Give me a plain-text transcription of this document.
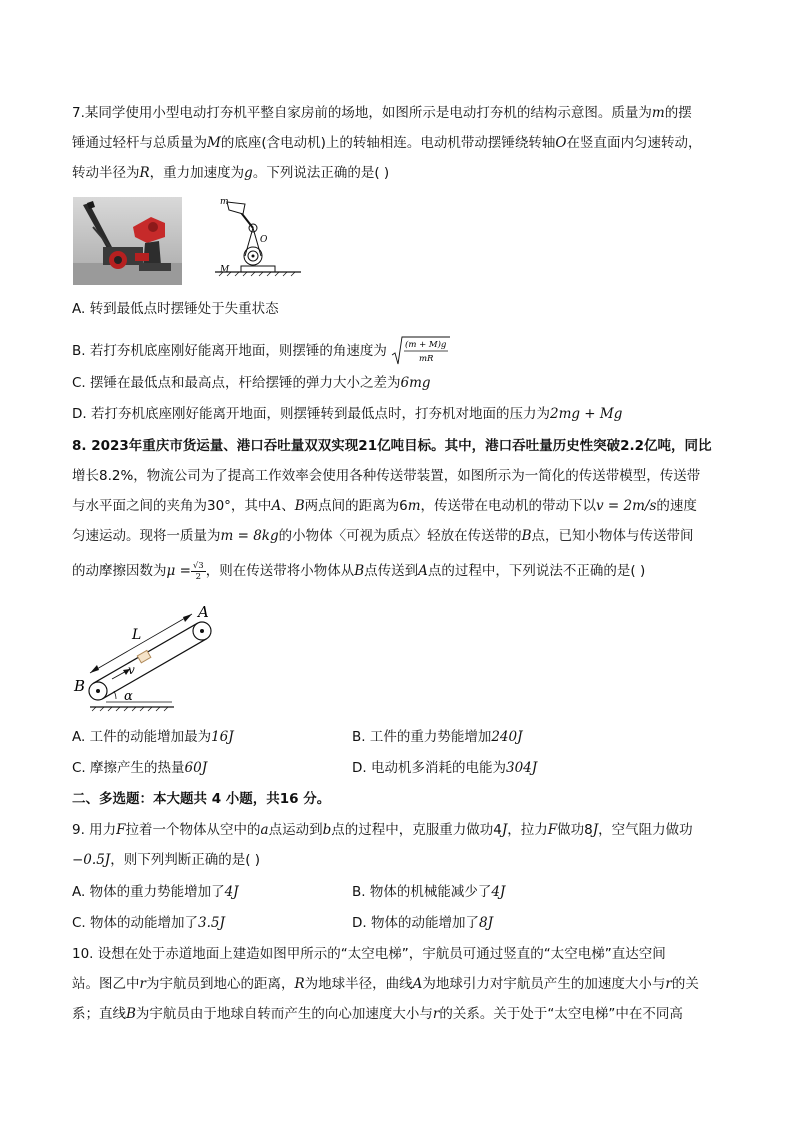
7.某同学使用小型电动打夯机平整自家房前的场地，如图所示是电动打夯机的结构示意图。质量为m的摆
锤通过轻杆与总质量为M的底座(含电动机)上的转轴相连。电动机带动摆锤绕转轴O在竖直面内匀速转动，
转动半径为R，重力加速度为g。下列说法正确的是( )
m
O
M
A. 转到最低点时摆锤处于失重状态
B. 若打夯机底座刚好能离开地面，则摆锤的角速度为 (m + M)g
mR
C. 摆锤在最低点和最高点，杆给摆锤的弹力大小之差为6mg
D. 若打夯机底座刚好能离开地面，则摆锤转到最低点时，打夯机对地面的压力为2mg + Mg
8. 2023年重庆市货运量、港口吞吐量双双实现21亿吨目标。其中，港口吞吐量历史性突破2.2亿吨，同比
增长8.2%，物流公司为了提高工作效率会使用各种传送带装置，如图所示为一简化的传送带模型，传送带
与水平面之间的夹角为30°，其中A、B两点间的距离为6m，传送带在电动机的带动下以v = 2m/s的速度
匀速运动。现将一质量为m = 8kg的小物体〈可视为质点〉轻放在传送带的B点，已知小物体与传送带间
的动摩擦因数为$\mu = \frac{√3}{2}$ ，则在传送带将小物体从B点传送到A点的过程中，下列说法不正确的是( )
A
B
L
v
α
A. 工件的动能增加最为16J	B. 工件的重力势能增加240J
C. 摩擦产生的热量60J	D. 电动机多消耗的电能为304J
二、多选题：本大题共 4 小题，共16 分。
9. 用力F拉着一个物体从空中的a点运动到b点的过程中，克服重力做功4J，拉力F做功8J，空气阻力做功
−0.5J，则下列判断正确的是( )
A. 物体的重力势能增加了4J	B. 物体的机械能减少了4J
C. 物体的动能增加了3.5J	D. 物体的动能增加了8J
10. 设想在处于赤道地面上建造如图甲所示的“太空电梯”，宇航员可通过竖直的“太空电梯”直达空间
站。图乙中r为宇航员到地心的距离，R为地球半径，曲线A为地球引力对宇航员产生的加速度大小与r的关
系；直线B为宇航员由于地球自转而产生的向心加速度大小与r的关系。关于处于“太空电梯”中在不同高
